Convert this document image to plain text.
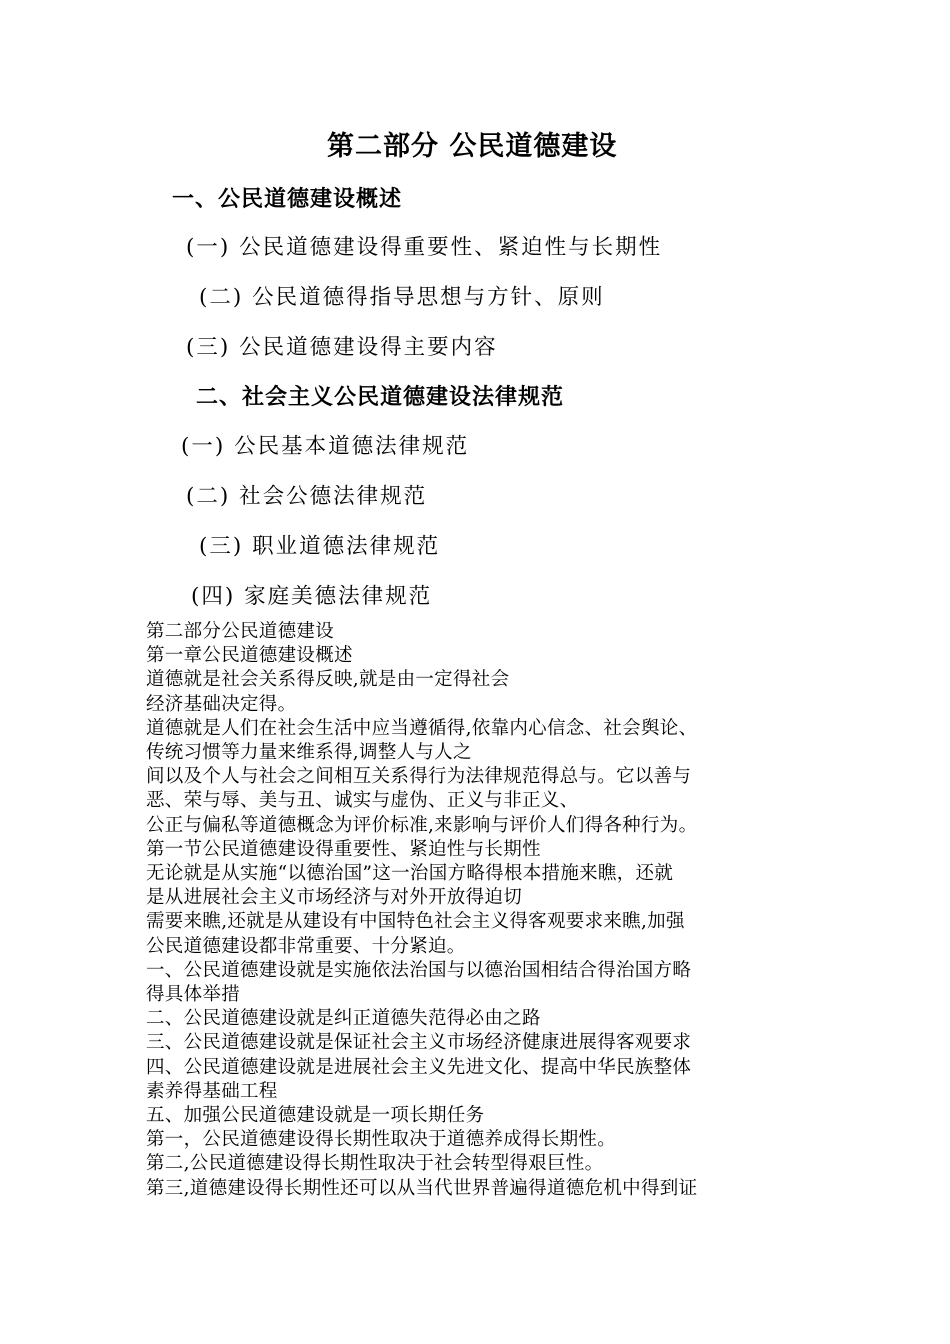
第二部分 公民道德建设
一、公民道德建设概述
(一) 公民道德建设得重要性、紧迫性与长期性
(二) 公民道德得指导思想与方针、原则
(三) 公民道德建设得主要内容
二、社会主义公民道德建设法律规范
(一) 公民基本道德法律规范
(二) 社会公德法律规范
(三) 职业道德法律规范
(四) 家庭美德法律规范

第二部分公民道德建设

第一章公民道德建设概述

道德就是社会关系得反映,就是由一定得社会

经济基础决定得。

道德就是人们在社会生活中应当遵循得,依靠内心信念、社会舆论、

传统习惯等力量来维系得,调整人与人之

间以及个人与社会之间相互关系得行为法律规范得总与。它以善与

恶、荣与辱、美与丑、诚实与虚伪、正义与非正义、

公正与偏私等道德概念为评价标准,来影响与评价人们得各种行为。

第一节公民道德建设得重要性、紧迫性与长期性

无论就是从实施“以德治国”这一治国方略得根本措施来瞧，还就

是从进展社会主义市场经济与对外开放得迫切

需要来瞧,还就是从建设有中国特色社会主义得客观要求来瞧,加强

公民道德建设都非常重要、十分紧迫。

一、公民道德建设就是实施依法治国与以德治国相结合得治国方略

得具体举措

二、公民道德建设就是纠正道德失范得必由之路

三、公民道德建设就是保证社会主义市场经济健康进展得客观要求

四、公民道德建设就是进展社会主义先进文化、提高中华民族整体

素养得基础工程

五、加强公民道德建设就是一项长期任务

第一，公民道德建设得长期性取决于道德养成得长期性。

第二,公民道德建设得长期性取决于社会转型得艰巨性。

第三,道德建设得长期性还可以从当代世界普遍得道德危机中得到证
